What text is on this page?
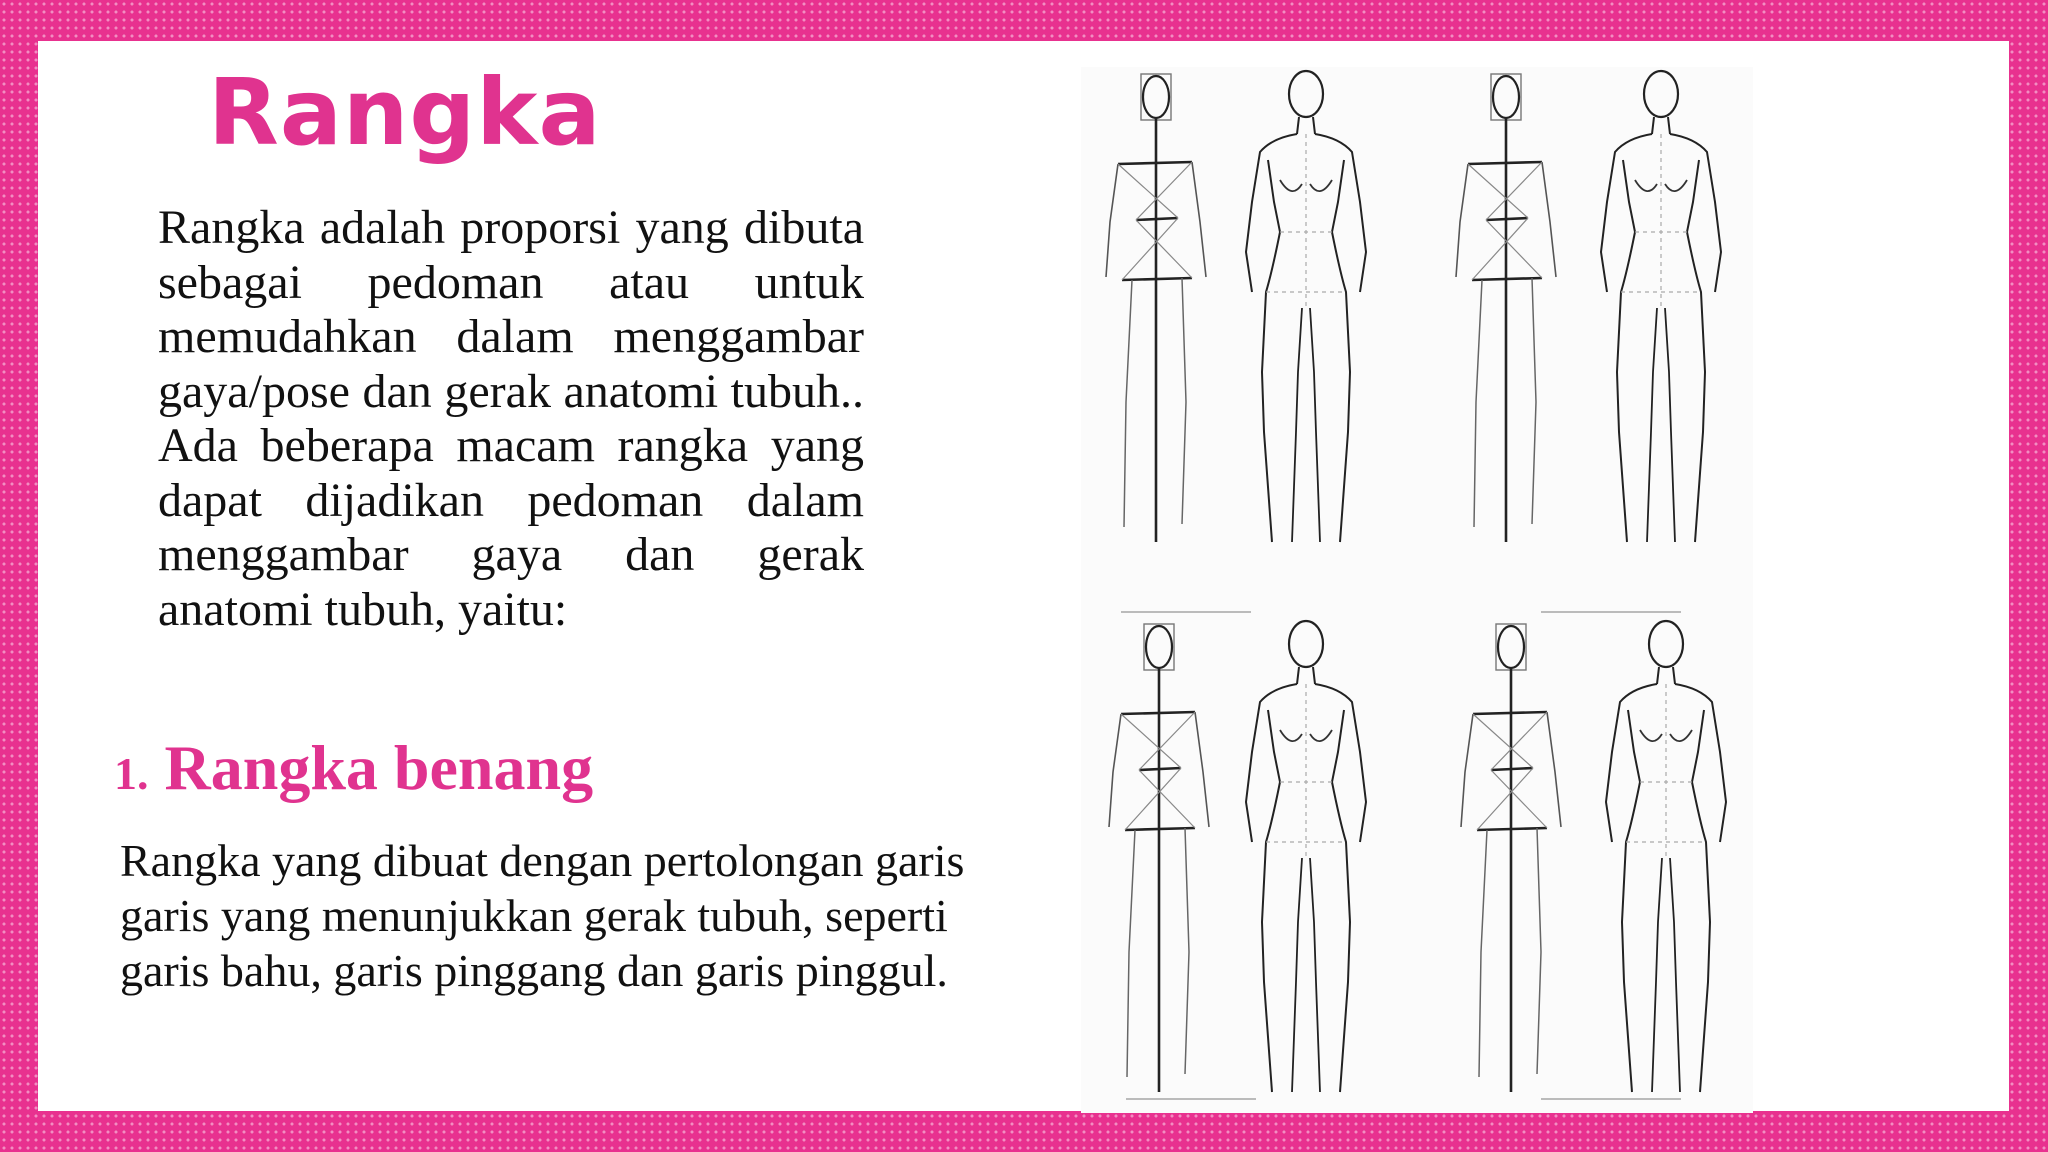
Rangka

Rangka adalah proporsi yang dibuta sebagai pedoman atau untuk memudahkan dalam menggambar gaya/pose dan gerak anatomi tubuh.. Ada beberapa macam rangka yang dapat dijadikan pedoman dalam menggambar gaya dan gerak anatomi tubuh, yaitu:

1. Rangka benang

Rangka yang dibuat dengan pertolongan garis garis yang menunjukkan gerak tubuh, seperti garis bahu, garis pinggang dan garis pinggul.
